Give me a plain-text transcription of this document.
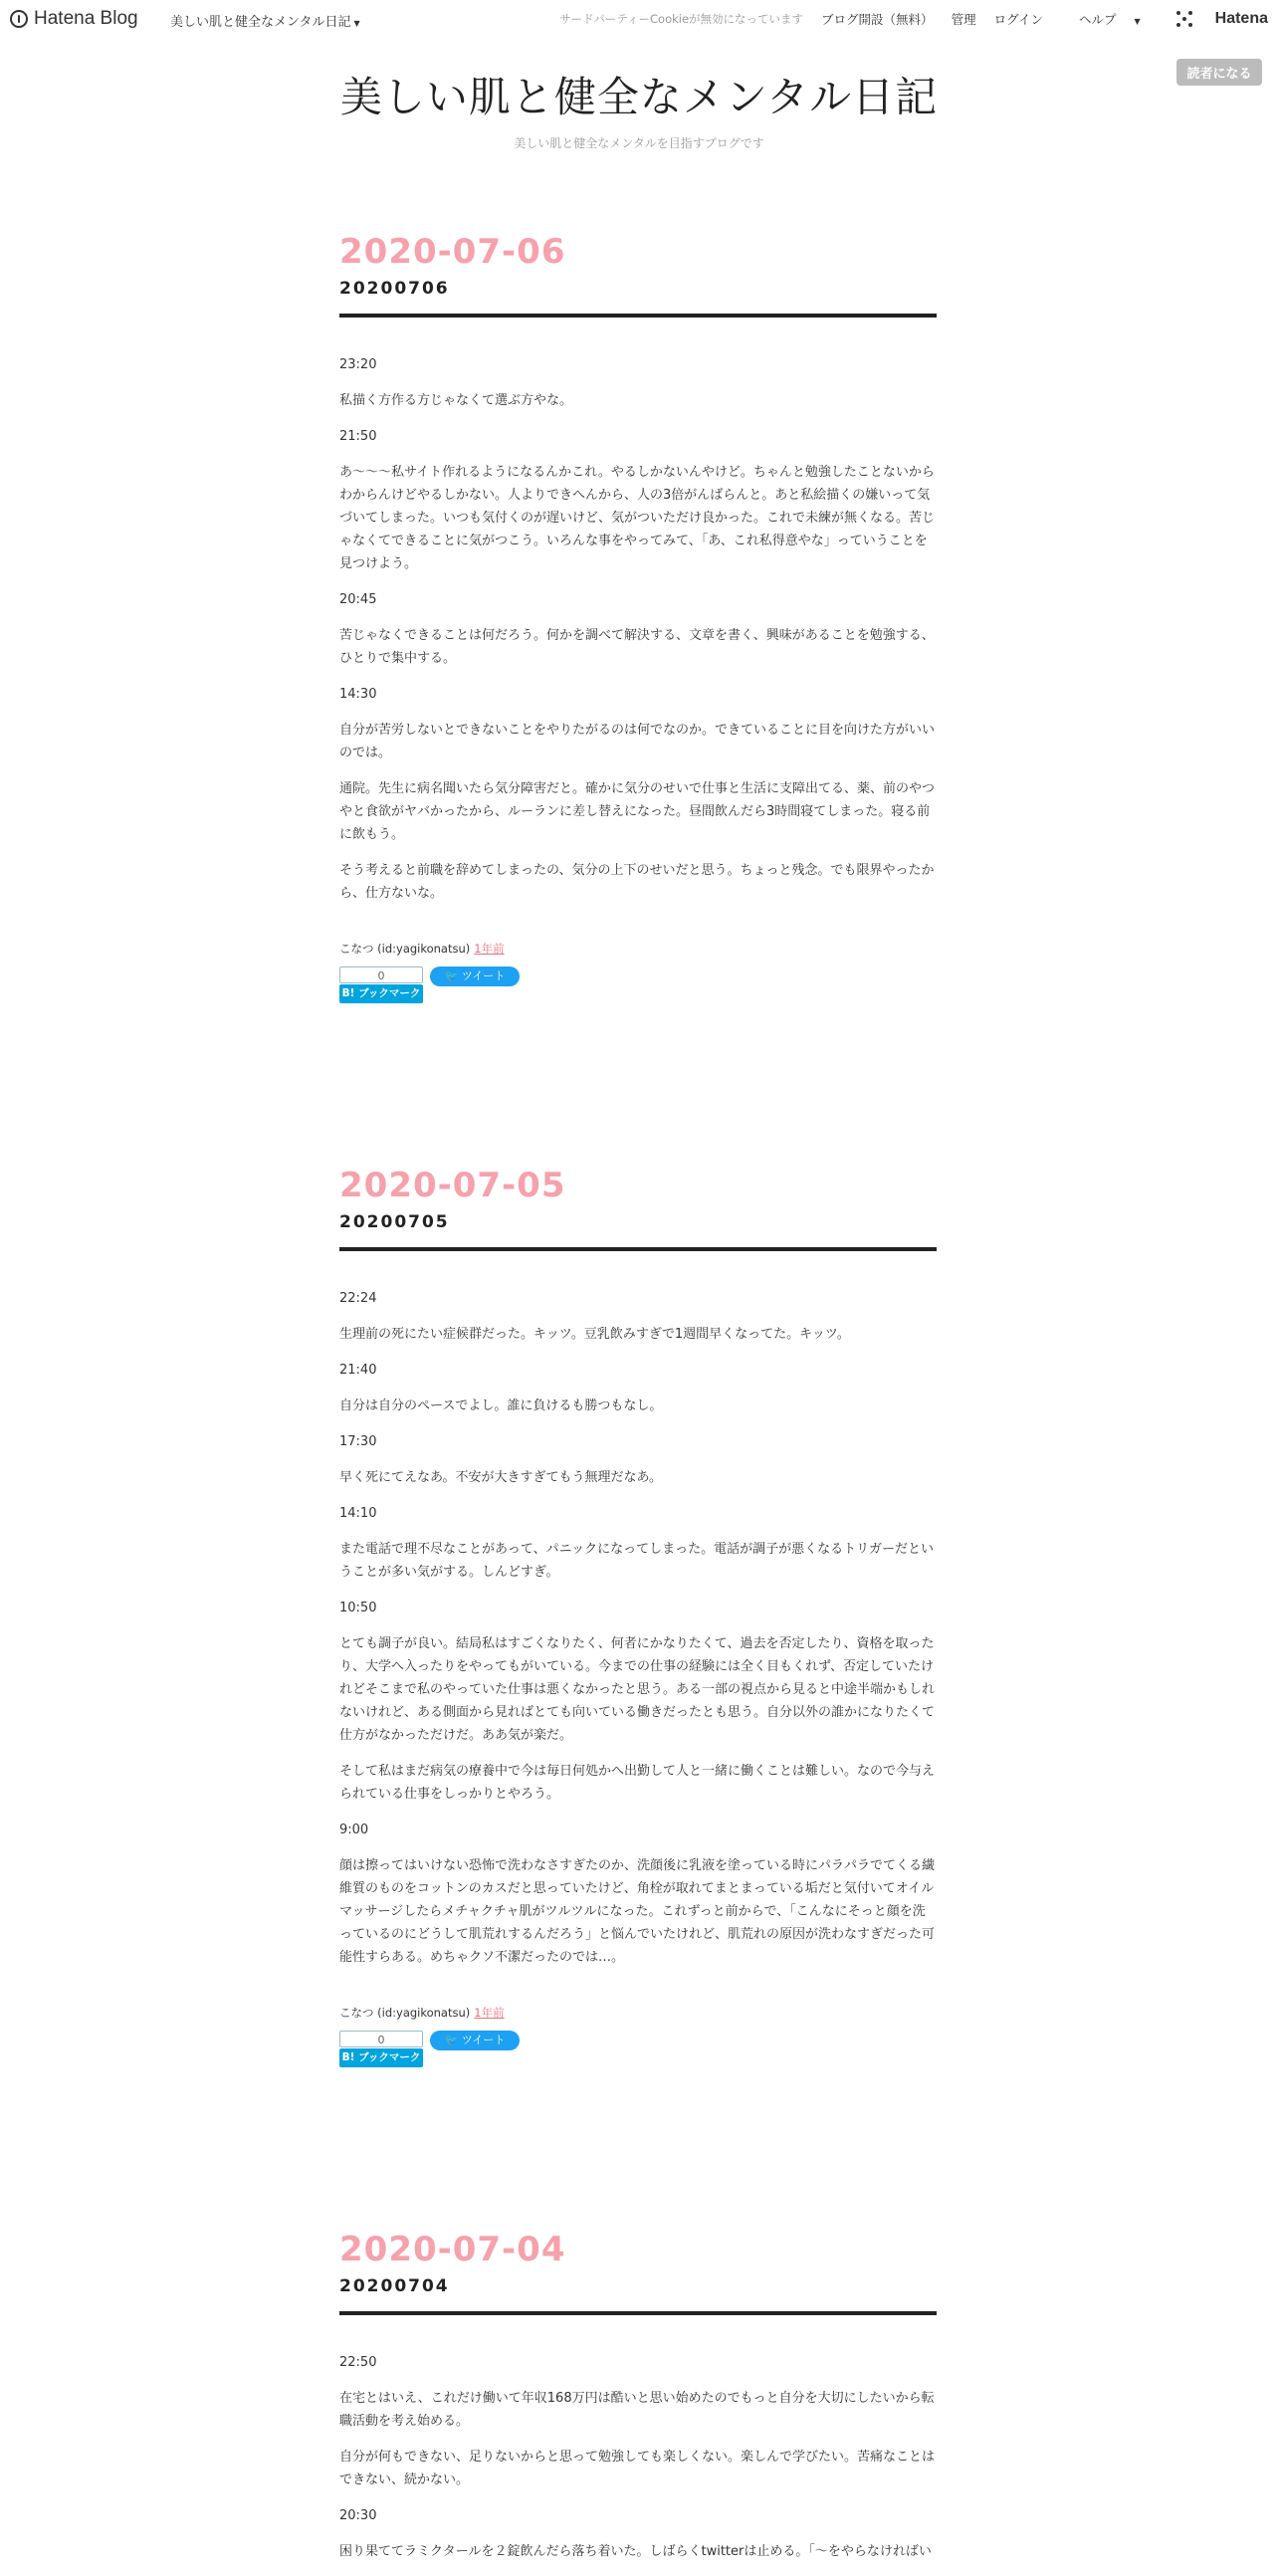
Hatena Blog 美しい肌と健全なメンタル日記 ▼	サードパーティーCookieが無効になっています ブログ開設（無料） 管理 ログイン	ヘルプ ▼	Hatena
読者になる
美しい肌と健全なメンタル日記
美しい肌と健全なメンタルを目指すブログです
2020-07-06
20200706

23:20

私描く方作る方じゃなくて選ぶ方やな。

21:50

あ〜〜〜私サイト作れるようになるんかこれ。やるしかないんやけど。ちゃんと勉強したことないからわからんけどやるしかない。人よりできへんから、人の3倍がんばらんと。あと私絵描くの嫌いって気づいてしまった。いつも気付くのが遅いけど、気がついただけ良かった。これで未練が無くなる。苦じゃなくてできることに気がつこう。いろんな事をやってみて、「あ、これ私得意やな」っていうことを見つけよう。

20:45

苦じゃなくできることは何だろう。何かを調べて解決する、文章を書く、興味があることを勉強する、ひとりで集中する。

14:30

自分が苦労しないとできないことをやりたがるのは何でなのか。できていることに目を向けた方がいいのでは。

通院。先生に病名聞いたら気分障害だと。確かに気分のせいで仕事と生活に支障出てる、薬、前のやつやと食欲がヤバかったから、ルーランに差し替えになった。昼間飲んだら3時間寝てしまった。寝る前に飲もう。

そう考えると前職を辞めてしまったの、気分の上下のせいだと思う。ちょっと残念。でも限界やったから、仕方ないな。

こなつ (id:yagikonatsu) 1年前
0
B! ブックマーク
🐦 ツイート
2020-07-05
20200705

22:24

生理前の死にたい症候群だった。キッツ。豆乳飲みすぎで1週間早くなってた。キッツ。

21:40

自分は自分のペースでよし。誰に負けるも勝つもなし。

17:30

早く死にてえなあ。不安が大きすぎてもう無理だなあ。

14:10

また電話で理不尽なことがあって、パニックになってしまった。電話が調子が悪くなるトリガーだということが多い気がする。しんどすぎ。

10:50

とても調子が良い。結局私はすごくなりたく、何者にかなりたくて、過去を否定したり、資格を取ったり、大学へ入ったりをやってもがいている。今までの仕事の経験には全く目もくれず、否定していたけれどそこまで私のやっていた仕事は悪くなかったと思う。ある一部の視点から見ると中途半端かもしれないけれど、ある側面から見ればとても向いている働きだったとも思う。自分以外の誰かになりたくて仕方がなかっただけだ。ああ気が楽だ。

そして私はまだ病気の療養中で今は毎日何処かへ出勤して人と一緒に働くことは難しい。なので今与えられている仕事をしっかりとやろう。

9:00

顔は擦ってはいけない恐怖で洗わなさすぎたのか、洗顔後に乳液を塗っている時にパラパラでてくる繊維質のものをコットンのカスだと思っていたけど、角栓が取れてまとまっている垢だと気付いてオイルマッサージしたらメチャクチャ肌がツルツルになった。これずっと前からで、「こんなにそっと顔を洗っているのにどうして肌荒れするんだろう」と悩んでいたけれど、肌荒れの原因が洗わなすぎだった可能性すらある。めちゃクソ不潔だったのでは…。

こなつ (id:yagikonatsu) 1年前
0
B! ブックマーク
🐦 ツイート
2020-07-04
20200704

22:50

在宅とはいえ、これだけ働いて年収168万円は酷いと思い始めたのでもっと自分を大切にしたいから転職活動を考え始める。

自分が何もできない、足りないからと思って勉強しても楽しくない。楽しんで学びたい。苦痛なことはできない、続かない。

20:30

困り果ててラミクタールを２錠飲んだら落ち着いた。しばらくtwitterは止める。「〜をやらなければい
